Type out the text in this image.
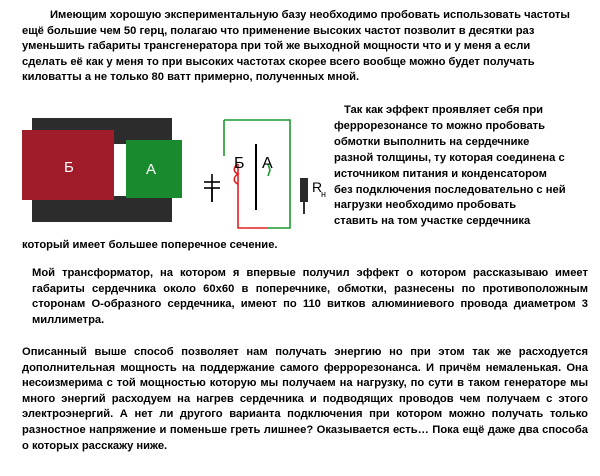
Имеющим хорошую экспериментальную базу необходимо пробовать использовать частоты
ещё большие чем 50 герц, полагаю что применение высоких частот позволит в десятки раз
уменьшить габариты трансгенератора при той же выходной мощности что и у меня а если
сделать её как у меня то при высоких частотах скорее всего вообще можно будет получать
киловатты а не только 80 ватт примерно, полученных мной.
Б	А	Б А
R
н
Так как эффект проявляет себя при
феррорезонансе то можно пробовать
обмотки выполнить на сердечнике
разной толщины, ту которая соединена с
источником питания и конденсатором
без подключения последовательно с ней
нагрузки необходимо пробовать
ставить на том участке сердечника
который имеет большее поперечное сечение.

Мой трансформатор, на котором я впервые получил эффект о котором рассказываю имеет габариты сердечника около 60х60 в поперечнике, обмотки, разнесены по противоположным сторонам О-образного сердечника, имеют по 110 витков алюминиевого провода диаметром 3 миллиметра.

Описанный выше способ позволяет нам получать энергию но при этом так же расходуется дополнительная мощность на поддержание самого феррорезонанса. И причём немаленькая. Она несоизмерима с той мощностью которую мы получаем на нагрузку, по сути в таком генераторе мы много энергий расходуем на нагрев сердечника и подводящих проводов чем получаем с этого электроэнергий. А нет ли другого варианта подключения при котором можно получать только разностное напряжение и поменьше греть лишнее? Оказывается есть… Пока ещё даже два способа о которых расскажу ниже.
